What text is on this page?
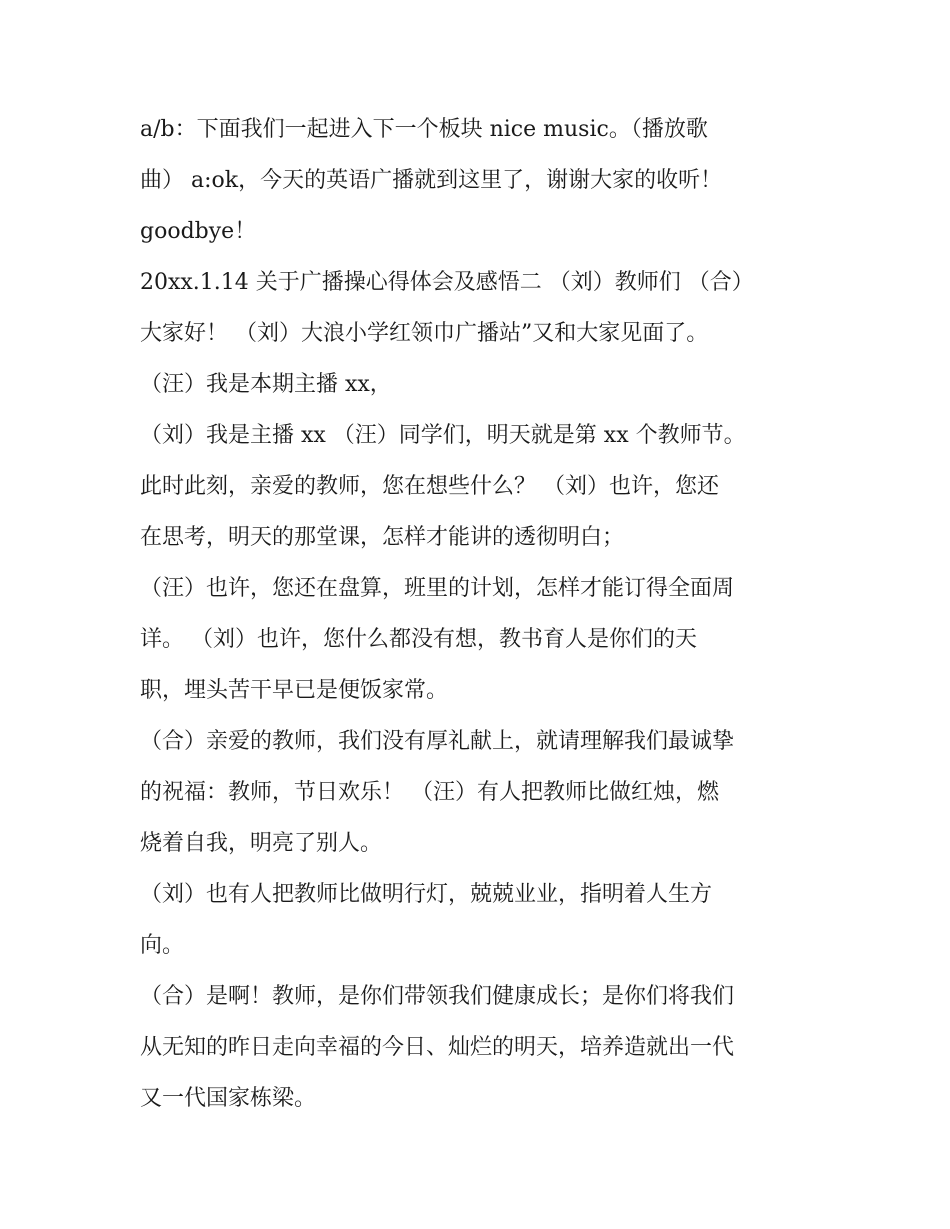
a/b：下面我们一起进入下一个板块 nice music。（播放歌
曲） a:ok，今天的英语广播就到这里了，谢谢大家的收听！
goodbye！
20xx.1.14 关于广播操心得体会及感悟二 （刘）教师们 （合）
大家好！ （刘）大浪小学红领巾广播站”又和大家见面了。
（汪）我是本期主播 xx，
（刘）我是主播 xx （汪）同学们，明天就是第 xx 个教师节。
此时此刻，亲爱的教师，您在想些什么？ （刘）也许，您还
在思考，明天的那堂课，怎样才能讲的透彻明白；
（汪）也许，您还在盘算，班里的计划，怎样才能订得全面周
详。 （刘）也许，您什么都没有想，教书育人是你们的天
职，埋头苦干早已是便饭家常。
（合）亲爱的教师，我们没有厚礼献上，就请理解我们最诚挚
的祝福：教师，节日欢乐！ （汪）有人把教师比做红烛，燃
烧着自我，明亮了别人。
（刘）也有人把教师比做明行灯，兢兢业业，指明着人生方
向。
（合）是啊！教师，是你们带领我们健康成长；是你们将我们
从无知的昨日走向幸福的今日、灿烂的明天，培养造就出一代
又一代国家栋梁。
